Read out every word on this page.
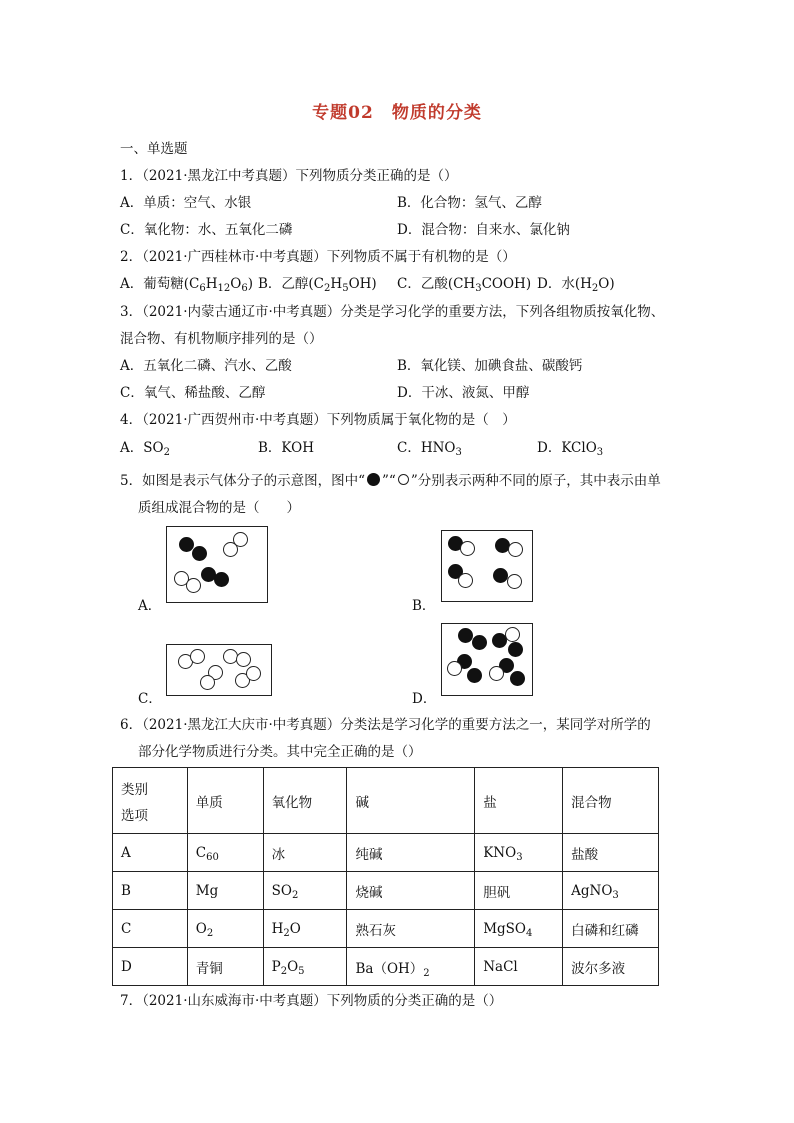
专题02　物质的分类
一、单选题
1．（2021·黑龙江中考真题）下列物质分类正确的是（）
A．单质：空气、水银	B．化合物：氢气、乙醇
C．氧化物：水、五氧化二磷	D．混合物：自来水、氯化钠
2．（2021·广西桂林市·中考真题）下列物质不属于有机物的是（）
A．葡萄糖$(C_6H_{12}O_6)$ B．乙醇$(C_2H_5OH)$ C．乙酸$(CH_3COOH)$ D．水$(H_2O)$
3．（2021·内蒙古通辽市·中考真题）分类是学习化学的重要方法，下列各组物质按氧化物、
混合物、有机物顺序排列的是（）
A．五氧化二磷、汽水、乙酸	B．氧化镁、加碘食盐、碳酸钙
C．氧气、稀盐酸、乙醇	D．干冰、液氮、甲醇
4．（2021·广西贺州市·中考真题）下列物质属于氧化物的是（　）
A．$SO_2$	B．KOH	C．$HNO_3$	D．KClO$_3$
5．如图是表示气体分子的示意图，图中“ ”“ ”分别表示两种不同的原子，其中表示由单
质组成混合物的是（　　）
A．	B．
C．	D．
6．（2021·黑龙江大庆市·中考真题）分类法是学习化学的重要方法之一，某同学对所学的
部分化学物质进行分类。其中完全正确的是（）
类别
选项	单质	氧化物	碱	盐	混合物
A	$C_{60}$	冰	纯碱	$KNO_3$	盐酸
B	Mg	$SO_2$	烧碱	胆矾	AgNO$_3$
C	$O_2$	$H_2O$	熟石灰	MgSO$_4$	白磷和红磷
D	青铜	$P_2O_5$	$Ba(OH)_2$	NaCl	波尔多液
7．（2021·山东威海市·中考真题）下列物质的分类正确的是（）
